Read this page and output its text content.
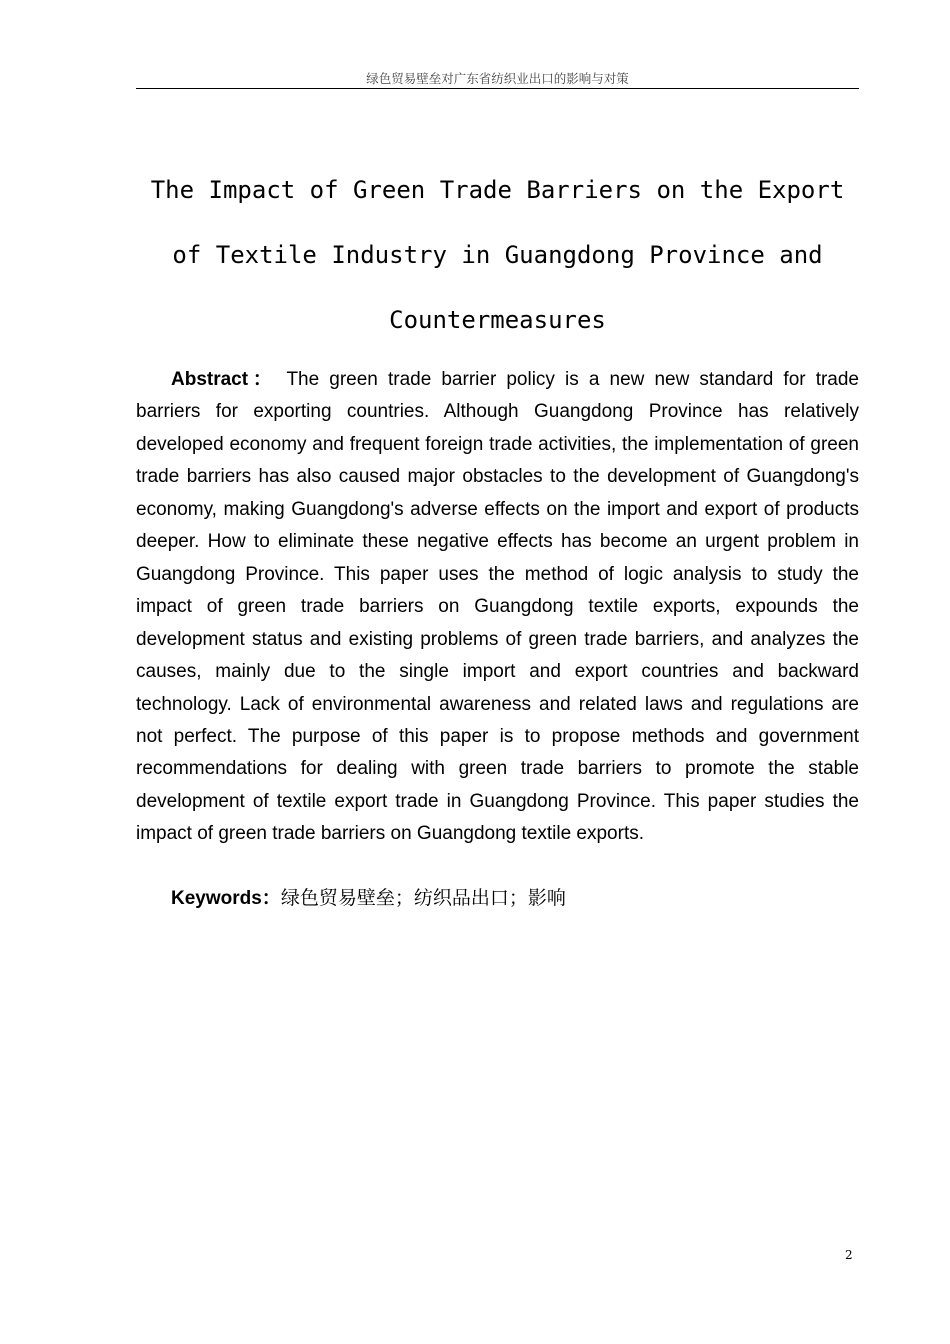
绿色贸易壁垒对广东省纺织业出口的影响与对策
The Impact of Green Trade Barriers on the Export
of Textile Industry in Guangdong Province and
Countermeasures

Abstract： The green trade barrier policy is a new new standard for trade barriers for exporting countries. Although Guangdong Province has relatively developed economy and frequent foreign trade activities, the implementation of green trade barriers has also caused major obstacles to the development of Guangdong's economy, making Guangdong's adverse effects on the import and export of products deeper. How to eliminate these negative effects has become an urgent problem in Guangdong Province. This paper uses the method of logic analysis to study the impact of green trade barriers on Guangdong textile exports, expounds the development status and existing problems of green trade barriers, and analyzes the causes, mainly due to the single import and export countries and backward technology. Lack of environmental awareness and related laws and regulations are not perfect. The purpose of this paper is to propose methods and government recommendations for dealing with green trade barriers to promote the stable development of textile export trade in Guangdong Province. This paper studies the impact of green trade barriers on Guangdong textile exports.

Keywords：绿色贸易壁垒；纺织品出口；影响
2
